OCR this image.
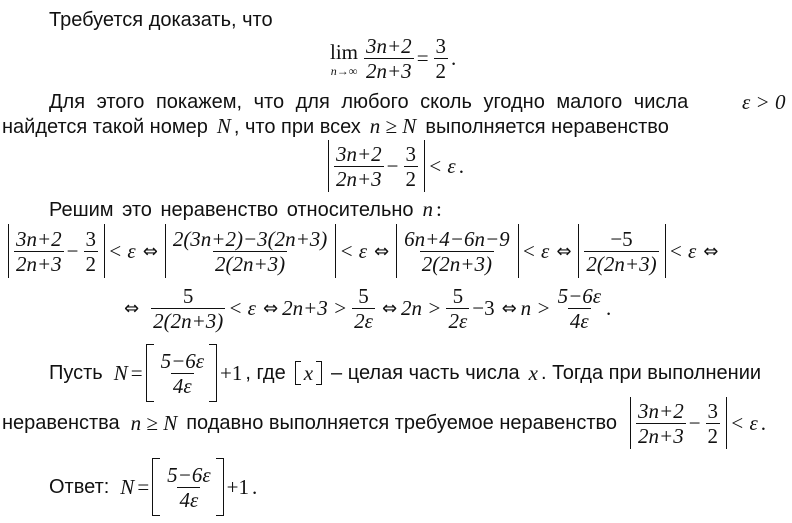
Требуется доказать, что
lim
$n\to\infty \frac{3n+2}{2n+3} = \frac{3}{2}$ .
Для этого покажем, что для любого сколь угодно малого числа	ε > 0
найдется такой номер N , что при всех n ≥ N выполняется неравенство
$\frac{3n+2}{2n+3} - \frac{3}{2} < \varepsilon$ .
Решим это неравенство относительно n :
$\frac{3n+2}{2n+3} - \frac{3}{2} < \varepsilon$ ⇔ $\frac{2(3n+2)-3(2n+3)}{2(2n+3)} < \varepsilon$ ⇔ $\frac{6n+4-6n-9}{2(2n+3)} < \varepsilon$ ⇔ $\frac{-5}{2(2n+3)} < \varepsilon$ ⇔
⇔ $\frac{5}{2(2n+3)} < \varepsilon$ ⇔ $2n+3 > \frac{5}{2\varepsilon}$ ⇔ $2n > \frac{5}{2\varepsilon} -3$ ⇔ $n > \frac{5-6\varepsilon}{4\varepsilon}$ .
Пусть $N = \frac{5-6\varepsilon}{4\varepsilon} +1$ , где x – целая часть числа x . Тогда при выполнении
неравенства n ≥ N подавно выполняется требуемое неравенство $\frac{3n+2}{2n+3} - \frac{3}{2} < \varepsilon$ .
Ответ: $N = \frac{5-6\varepsilon}{4\varepsilon} +1$ .
